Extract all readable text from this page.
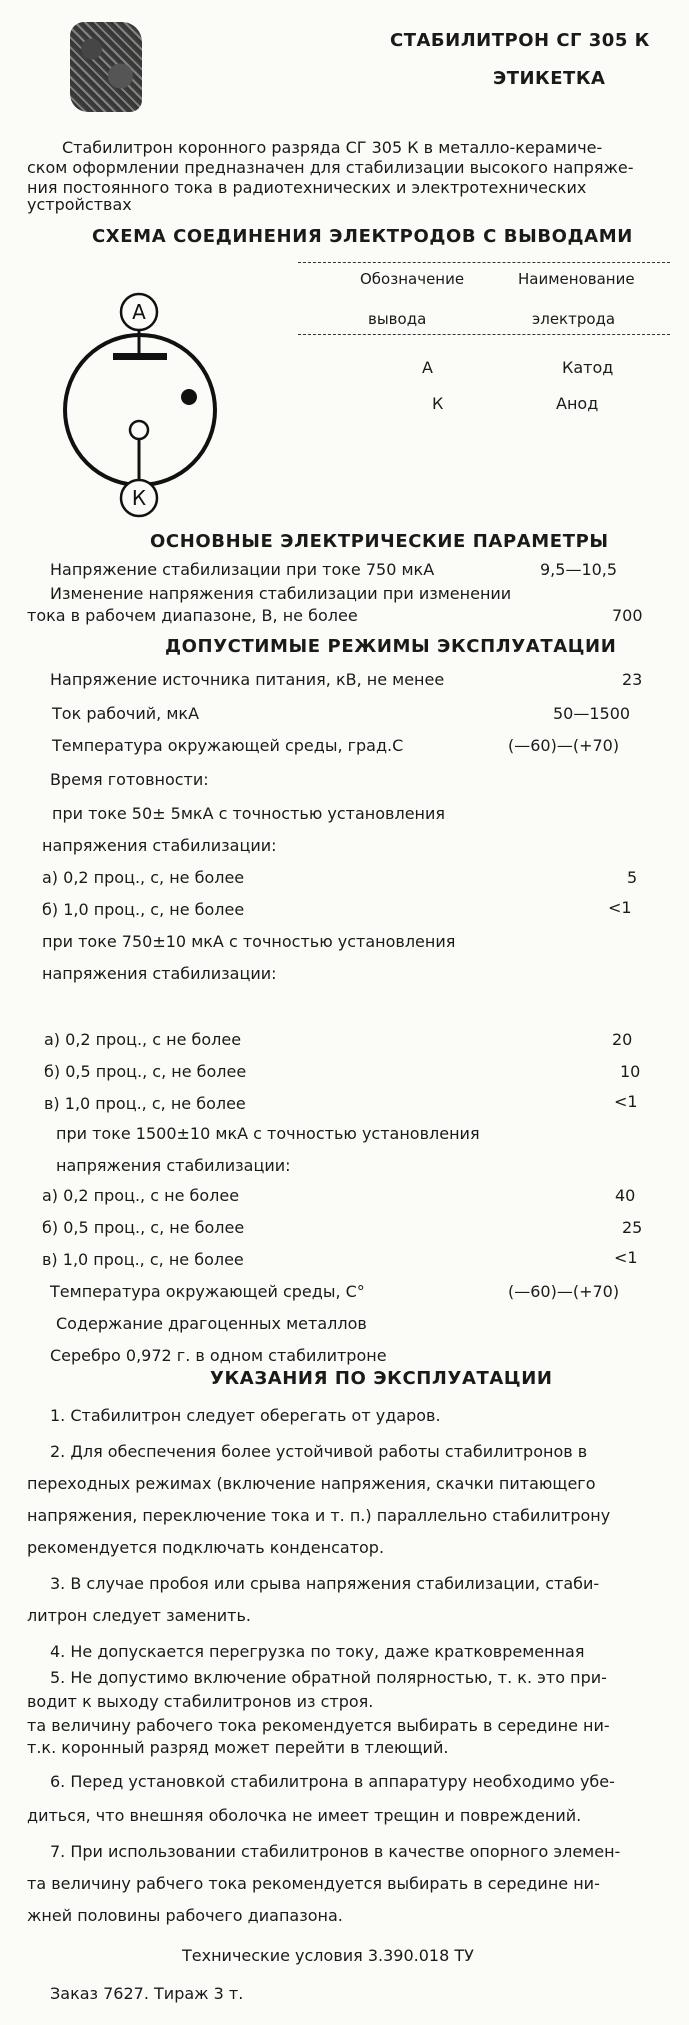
СТАБИЛИТРОН СГ 305 К
ЭТИКЕТКА
Стабилитрон коронного разряда СГ 305 К в металло-керамиче-
ском оформлении предназначен для стабилизации высокого напряже-
ния постоянного тока в радиотехнических и электротехнических
устройствах
СХЕМА СОЕДИНЕНИЯ ЭЛЕКТРОДОВ С ВЫВОДАМИ
Обозначение	Наименование
вывода	электрода
А	Катод
К	Анод
А
К
ОСНОВНЫЕ ЭЛЕКТРИЧЕСКИЕ ПАРАМЕТРЫ
Напряжение стабилизации при токе 750 мкА	9,5—10,5
Изменение напряжения стабилизации при изменении
тока в рабочем диапазоне, В, не более	700
ДОПУСТИМЫЕ РЕЖИМЫ ЭКСПЛУАТАЦИИ
Напряжение источника питания, кВ, не менее	23
Ток рабочий, мкА	50—1500
Температура окружающей среды, град.С	(—60)—(+70)
Время готовности:
при токе 50± 5мкА с точностью установления
напряжения стабилизации:
а) 0,2 проц., с, не более	5
б) 1,0 проц., с, не более	<1
при токе 750±10 мкА с точностью установления
напряжения стабилизации:
а) 0,2 проц., с не более	20
б) 0,5 проц., с, не более	10
в) 1,0 проц., с, не более	<1
при токе 1500±10 мкА с точностью установления
напряжения стабилизации:
а) 0,2 проц., с не более	40
б) 0,5 проц., с, не более	25
в) 1,0 проц., с, не более	<1
Температура окружающей среды, С°	(—60)—(+70)
Содержание драгоценных металлов
Серебро 0,972 г. в одном стабилитроне
УКАЗАНИЯ ПО ЭКСПЛУАТАЦИИ
1. Стабилитрон следует оберегать от ударов.
2. Для обеспечения более устойчивой работы стабилитронов в
переходных режимах (включение напряжения, скачки питающего
напряжения, переключение тока и т. п.) параллельно стабилитрону
рекомендуется подключать конденсатор.
3. В случае пробоя или срыва напряжения стабилизации, стаби-
литрон следует заменить.
4. Не допускается перегрузка по току, даже кратковременная
5. Не допустимо включение обратной полярностью, т. к. это при-
водит к выходу стабилитронов из строя.
та величину рабочего тока рекомендуется выбирать в середине ни-
т.к. коронный разряд может перейти в тлеющий.
6. Перед установкой стабилитрона в аппаратуру необходимо убе-
диться, что внешняя оболочка не имеет трещин и повреждений.
7. При использовании стабилитронов в качестве опорного элемен-
та величину рабчего тока рекомендуется выбирать в середине ни-
жней половины рабочего диапазона.
Технические условия 3.390.018 ТУ
Заказ 7627. Тираж 3 т.
